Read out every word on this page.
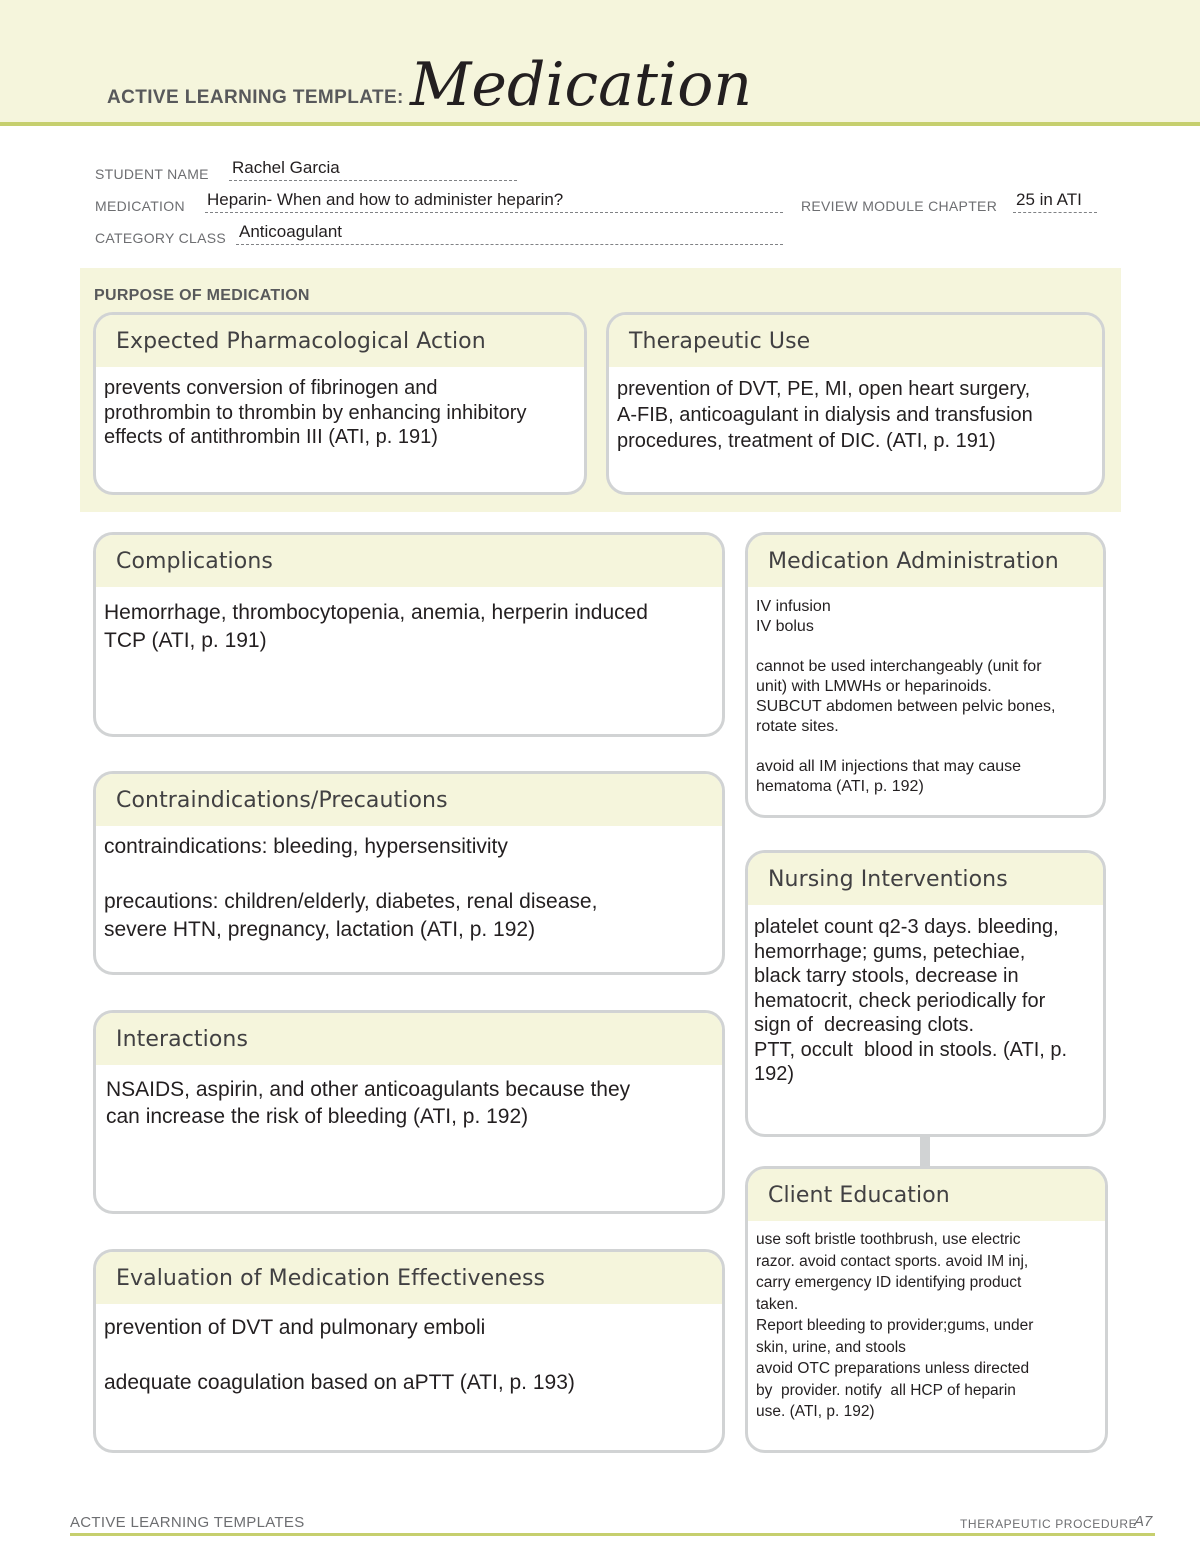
ACTIVE LEARNING TEMPLATE: Medication
STUDENT NAME Rachel Garcia
MEDICATION Heparin- When and how to administer heparin?	REVIEW MODULE CHAPTER 25 in ATI
CATEGORY CLASS Anticoagulant
PURPOSE OF MEDICATION
Expected Pharmacological Action
prevents conversion of fibrinogen and
prothrombin to thrombin by enhancing inhibitory
effects of antithrombin III (ATI, p. 191)
Therapeutic Use
prevention of DVT, PE, MI, open heart surgery,
A-FIB, anticoagulant in dialysis and transfusion
procedures, treatment of DIC. (ATI, p. 191)
Complications
Hemorrhage, thrombocytopenia, anemia, herperin induced
TCP (ATI, p. 191)
Contraindications/Precautions
contraindications: bleeding, hypersensitivity

precautions: children/elderly, diabetes, renal disease,
severe HTN, pregnancy, lactation (ATI, p. 192)
Interactions
NSAIDS, aspirin, and other anticoagulants because they
can increase the risk of bleeding (ATI, p. 192)
Evaluation of Medication Effectiveness
prevention of DVT and pulmonary emboli

adequate coagulation based on aPTT (ATI, p. 193)
Medication Administration
IV infusion
IV bolus

cannot be used interchangeably (unit for
unit) with LMWHs or heparinoids.
SUBCUT abdomen between pelvic bones,
rotate sites.

avoid all IM injections that may cause
hematoma (ATI, p. 192)
Nursing Interventions
platelet count q2-3 days. bleeding,
hemorrhage; gums, petechiae,
black tarry stools, decrease in
hematocrit, check periodically for
sign of  decreasing clots.
PTT, occult  blood in stools. (ATI, p.
192)
Client Education
use soft bristle toothbrush, use electric
razor. avoid contact sports. avoid IM inj,
carry emergency ID identifying product
taken.
Report bleeding to provider;gums, under
skin, urine, and stools
avoid OTC preparations unless directed
by  provider. notify  all HCP of heparin
use. (ATI, p. 192)
ACTIVE LEARNING TEMPLATES	THERAPEUTIC PROCEDURE
A7
